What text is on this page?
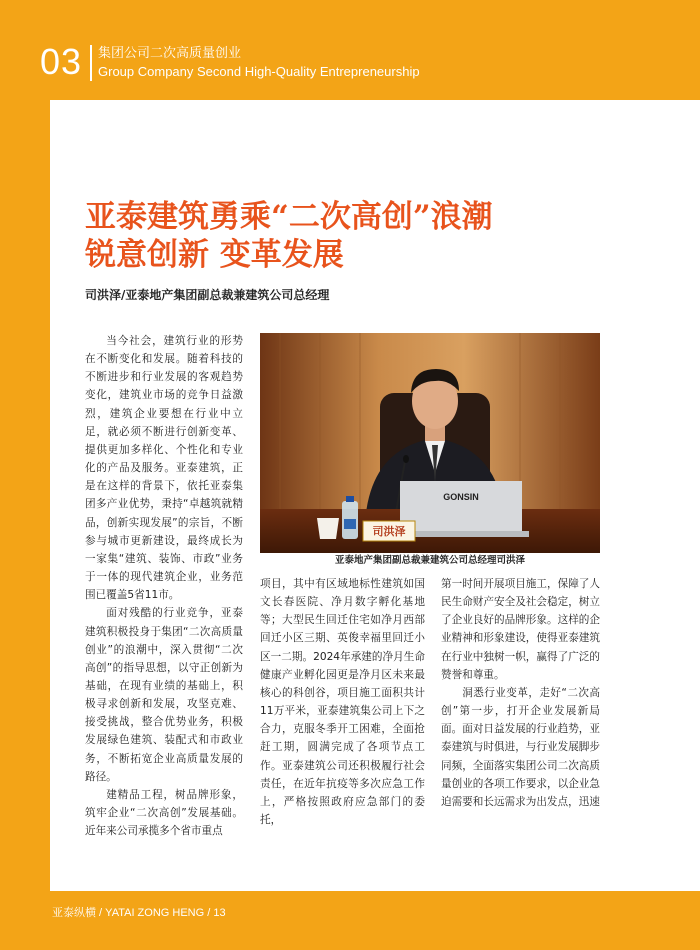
03 集团公司二次高质量创业
Group Company Second High-Quality Entrepreneurship
亚泰建筑勇乘“二次高创”浪潮
锐意创新 变革发展
司洪泽/亚泰地产集团副总裁兼建筑公司总经理

当今社会，建筑行业的形势在不断变化和发展。随着科技的不断进步和行业发展的客观趋势变化，建筑业市场的竞争日益激烈，建筑企业要想在行业中立足，就必须不断进行创新变革、提供更加多样化、个性化和专业化的产品及服务。亚泰建筑，正是在这样的背景下，依托亚泰集团多产业优势，秉持“卓越筑就精品，创新实现发展”的宗旨，不断参与城市更新建设，最终成长为一家集“建筑、装饰、市政”业务于一体的现代建筑企业，业务范围已覆盖5省11市。

面对残酷的行业竞争，亚泰建筑积极投身于集团“二次高质量创业”的浪潮中，深入贯彻“二次高创”的指导思想，以守正创新为基础，在现有业绩的基础上，积极寻求创新和发展，攻坚克难、接受挑战，整合优势业务，积极发展绿色建筑、装配式和市政业务，不断拓宽企业高质量发展的路径。

建精品工程，树品牌形象，筑牢企业“二次高创”发展基础。近年来公司承揽多个省市重点

GONSIN
司洪泽
亚泰地产集团副总裁兼建筑公司总经理司洪泽

项目，其中有区域地标性建筑如国文长春医院、净月数字孵化基地等；大型民生回迁住宅如净月西部回迁小区三期、英俊幸福里回迁小区一二期。2024年承建的净月生命健康产业孵化园更是净月区未来最核心的科创谷，项目施工面积共计11万平米，亚泰建筑集公司上下之合力，克服冬季开工困难，全面抢赶工期，圆满完成了各项节点工作。亚泰建筑公司还积极履行社会责任，在近年抗疫等多次应急工作上，严格按照政府应急部门的委托，

第一时间开展项目施工，保障了人民生命财产安全及社会稳定，树立了企业良好的品牌形象。这样的企业精神和形象建设，使得亚泰建筑在行业中独树一帜，赢得了广泛的赞誉和尊重。

洞悉行业变革，走好“二次高创”第一步，打开企业发展新局面。面对日益发展的行业趋势，亚泰建筑与时俱进，与行业发展脚步同频，全面落实集团公司二次高质量创业的各项工作要求，以企业急迫需要和长远需求为出发点，迅速

亚泰纵横 / YATAI ZONG HENG / 13
